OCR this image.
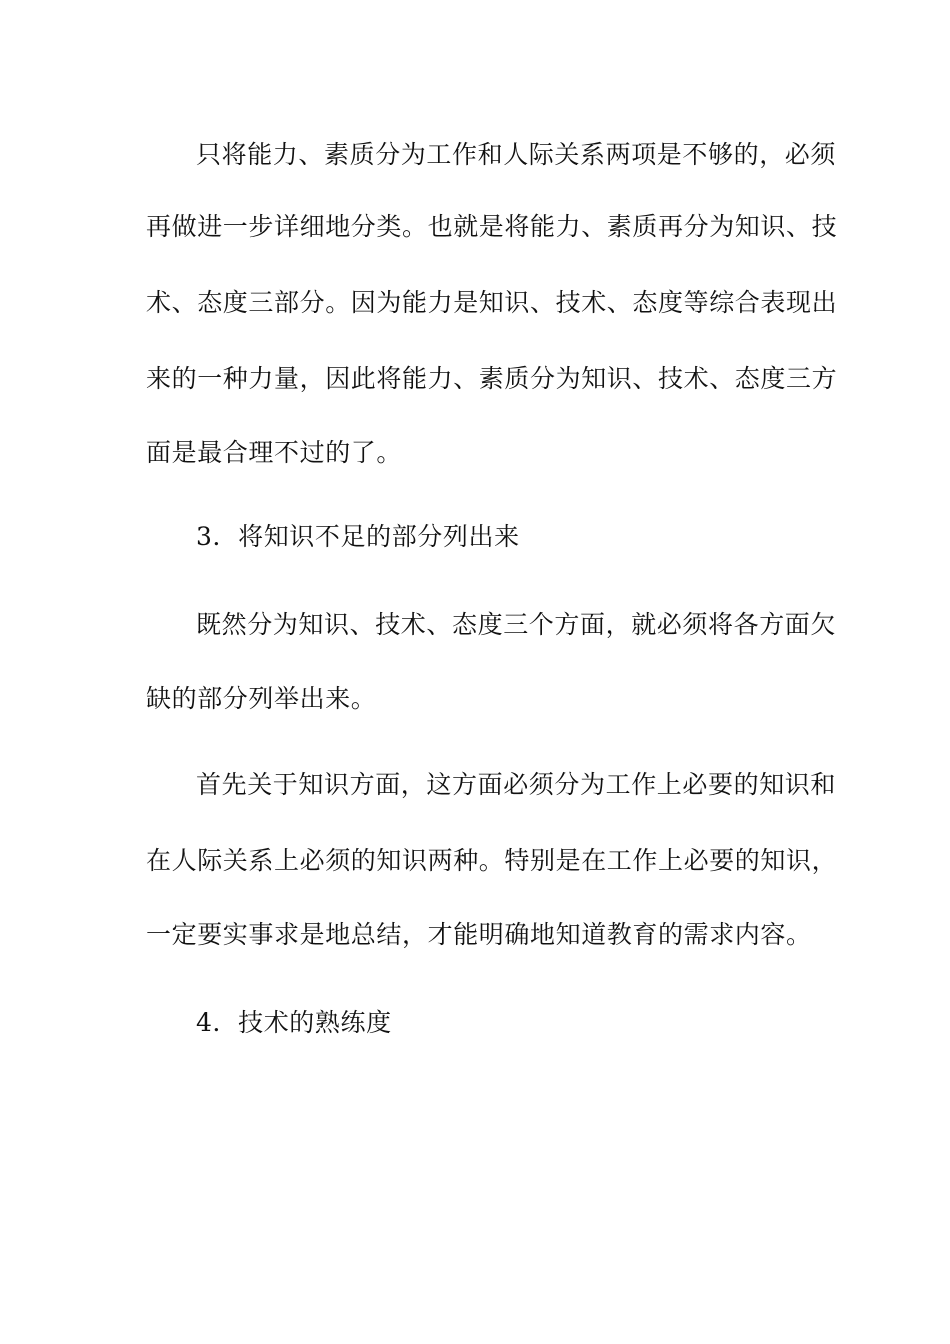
只将能力、素质分为工作和人际关系两项是不够的，必须
再做进一步详细地分类。也就是将能力、素质再分为知识、技
术、态度三部分。因为能力是知识、技术、态度等综合表现出
来的一种力量，因此将能力、素质分为知识、技术、态度三方
面是最合理不过的了。
3．将知识不足的部分列出来
既然分为知识、技术、态度三个方面，就必须将各方面欠
缺的部分列举出来。
首先关于知识方面，这方面必须分为工作上必要的知识和
在人际关系上必须的知识两种。特别是在工作上必要的知识，
一定要实事求是地总结，才能明确地知道教育的需求内容。
4．技术的熟练度
